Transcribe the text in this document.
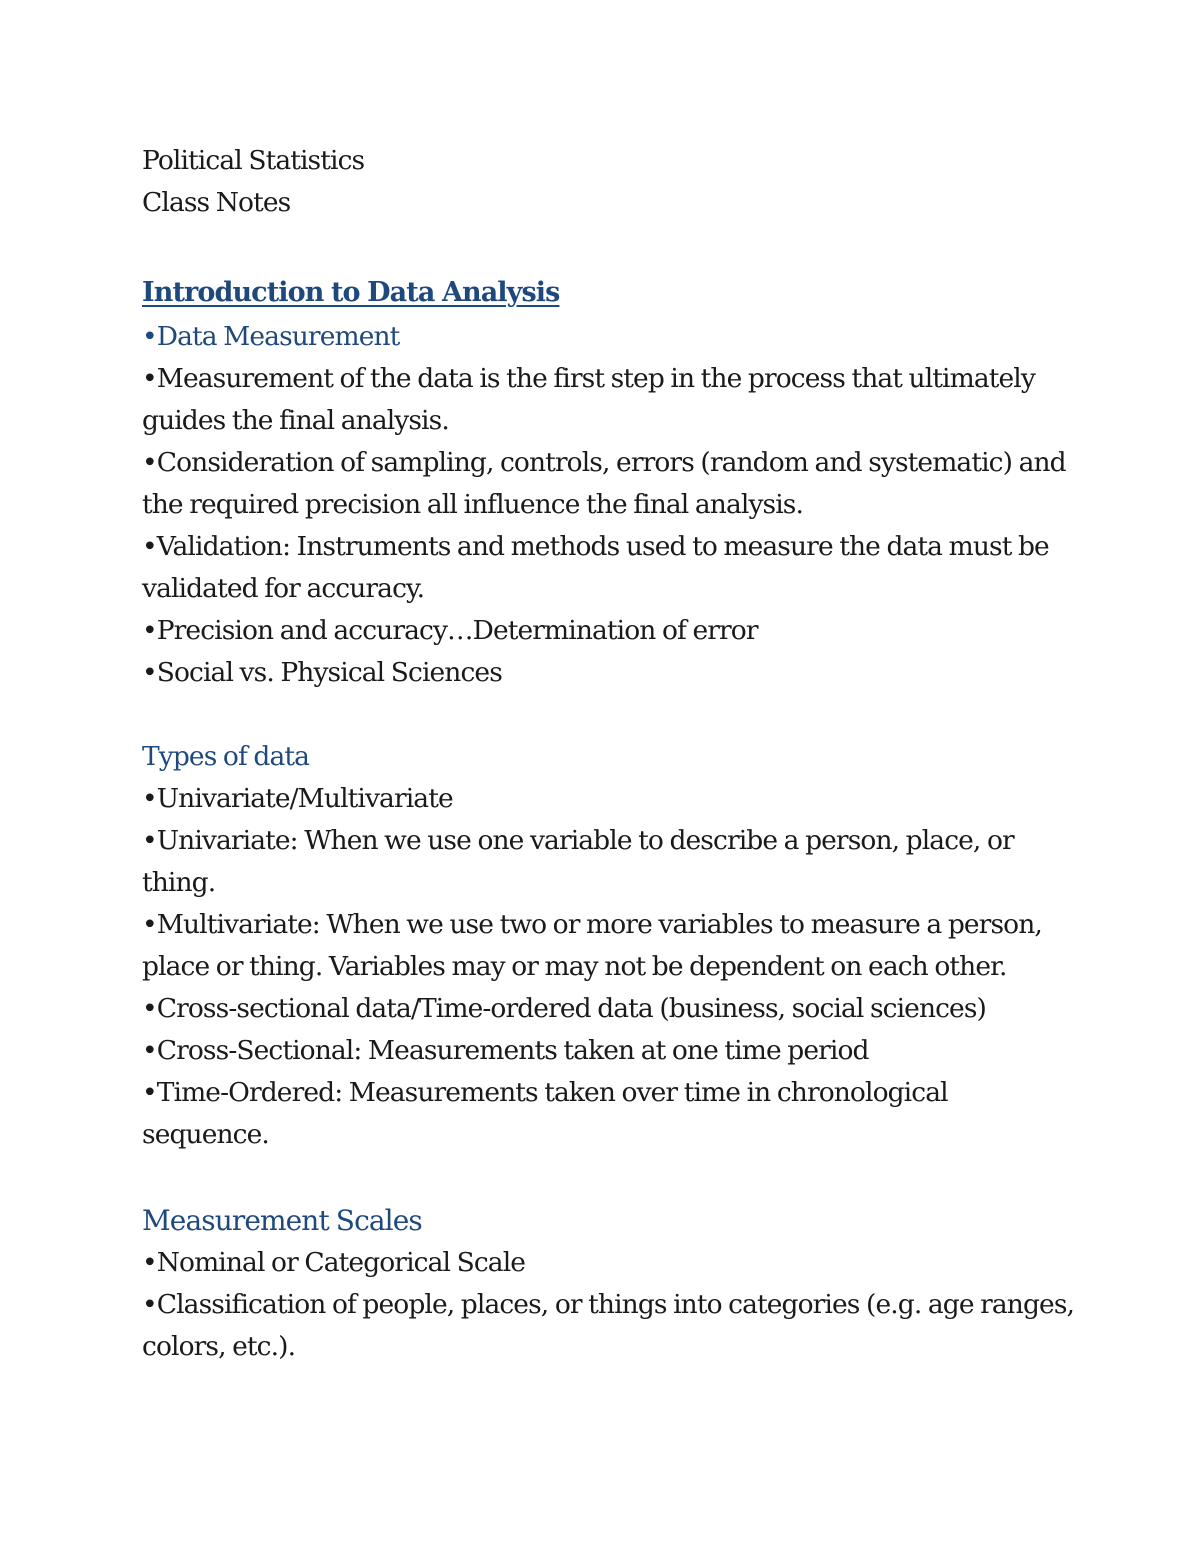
Political Statistics
Class Notes
Introduction to Data Analysis
•Data Measurement
•Measurement of the data is the first step in the process that ultimately
guides the final analysis.
•Consideration of sampling, controls, errors (random and systematic) and
the required precision all influence the final analysis.
•Validation: Instruments and methods used to measure the data must be
validated for accuracy.
•Precision and accuracy…Determination of error
•Social vs. Physical Sciences
Types of data
•Univariate/Multivariate
•Univariate: When we use one variable to describe a person, place, or
thing.
•Multivariate: When we use two or more variables to measure a person,
place or thing. Variables may or may not be dependent on each other.
•Cross-sectional data/Time-ordered data (business, social sciences)
•Cross-Sectional: Measurements taken at one time period
•Time-Ordered: Measurements taken over time in chronological
sequence.
Measurement Scales
•Nominal or Categorical Scale
•Classification of people, places, or things into categories (e.g. age ranges,
colors, etc.).
